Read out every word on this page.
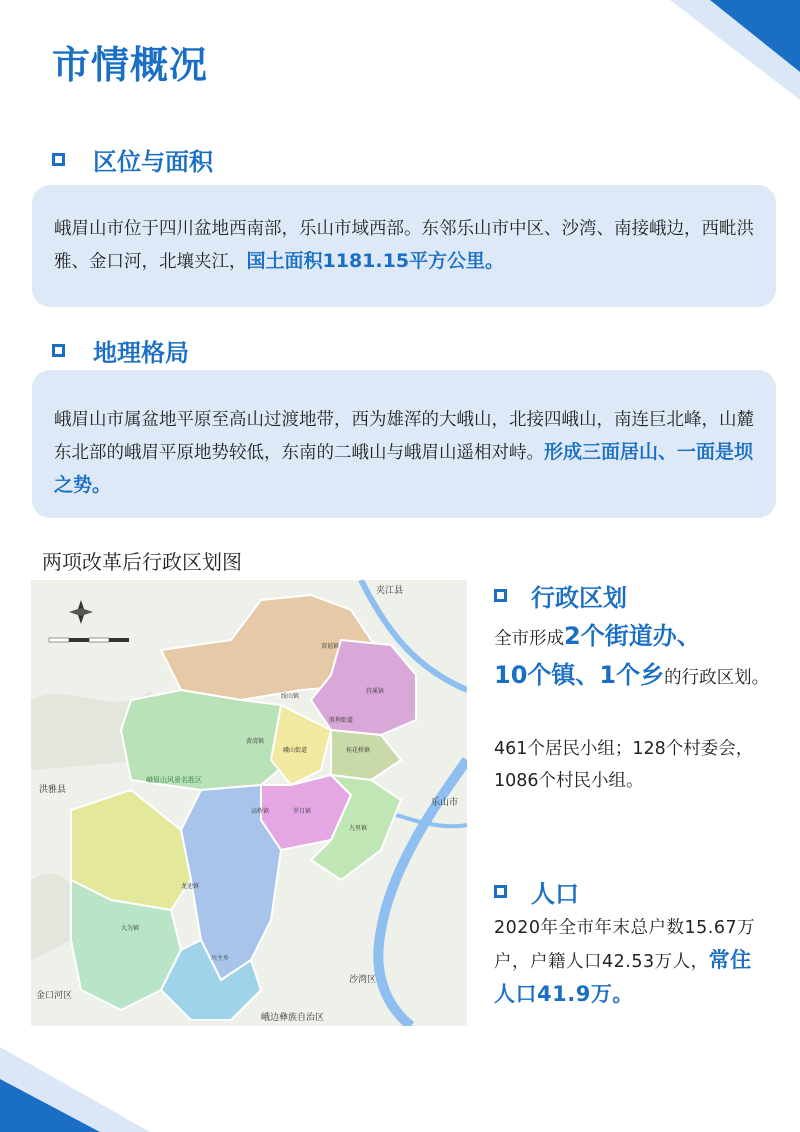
市情概况
区位与面积
峨眉山市位于四川盆地西南部，乐山市域西部。东邻乐山市中区、沙湾、南接峨边，西毗洪雅、金口河，北壤夹江，国土面积1181.15平方公里。
地理格局
峨眉山市属盆地平原至高山过渡地带，西为雄浑的大峨山，北接四峨山，南连巨北峰，山麓东北部的峨眉平原地势较低，东南的二峨山与峨眉山遥相对峙。形成三面居山、一面是坝之势。
两项改革后行政区划图
夹江县
洪雅县
乐山市
沙湾区
金口河区
峨边彝族自治区
峨眉山风景名胜区
双福镇
绥山镇
符溪镇
胜利街道
黄湾镇
峨山街道	桂花桥镇
高桥镇	罗目镇
九里镇
龙池镇
大为镇
川主乡
行政区划
全市形成2个街道办、
10个镇、1个乡的行政区划。
461个居民小组；128个村委会，1086个村民小组。
人口
2020年全市年末总户数15.67万户，户籍人口42.53万人，常住人口41.9万。
